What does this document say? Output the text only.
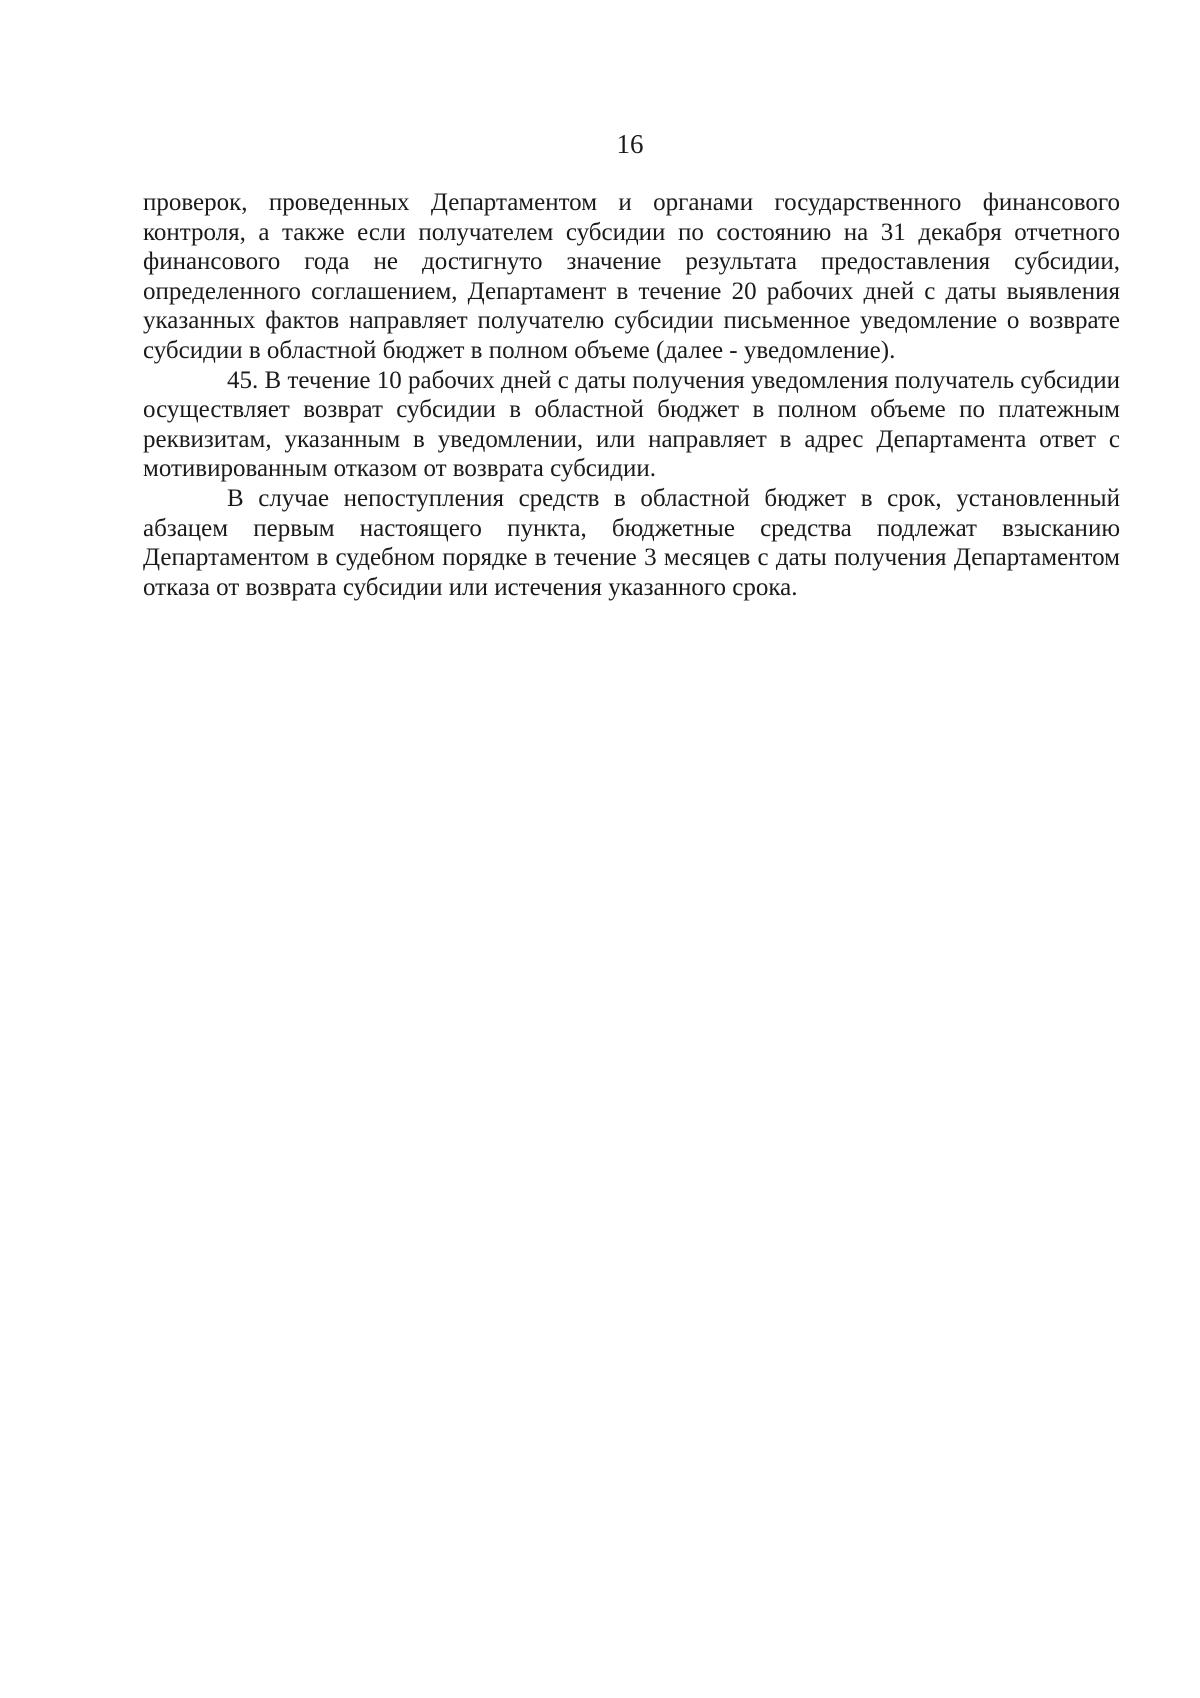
16

проверок, проведенных Департаментом и органами государственного финансового контроля, а также если получателем субсидии по состоянию на 31 декабря отчетного финансового года не достигнуто значение результата предоставления субсидии, определенного соглашением, Департамент в течение 20 рабочих дней с даты выявления указанных фактов направляет получателю субсидии письменное уведомление о возврате субсидии в областной бюджет в полном объеме (далее - уведомление).

45. В течение 10 рабочих дней с даты получения уведомления получатель субсидии осуществляет возврат субсидии в областной бюджет в полном объеме по платежным реквизитам, указанным в уведомлении, или направляет в адрес Департамента ответ с мотивированным отказом от возврата субсидии.

В случае непоступления средств в областной бюджет в срок, установленный абзацем первым настоящего пункта, бюджетные средства подлежат взысканию Департаментом в судебном порядке в течение 3 месяцев с даты получения Департаментом отказа от возврата субсидии или истечения указанного срока.
